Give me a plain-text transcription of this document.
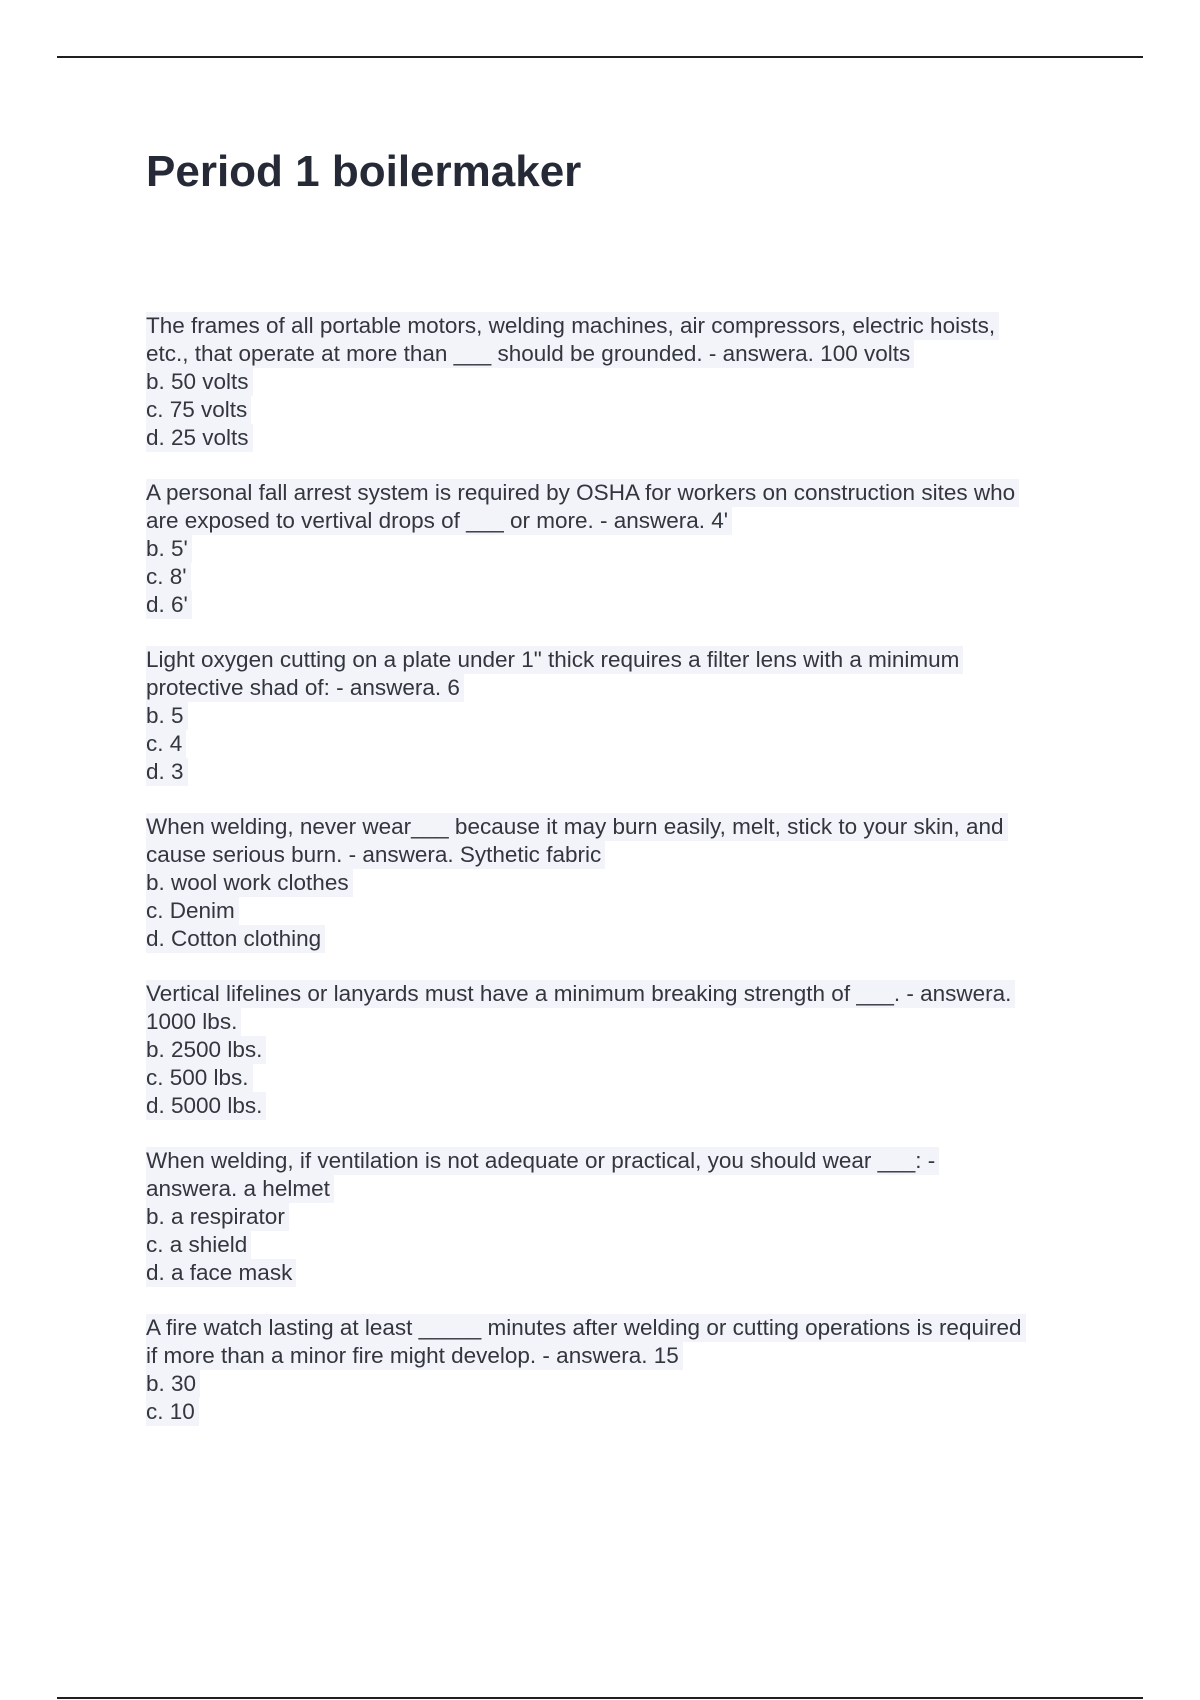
Period 1 boilermaker
The frames of all portable motors, welding machines, air compressors, electric hoists,
etc., that operate at more than ___ should be grounded. - answera. 100 volts
b. 50 volts
c. 75 volts
d. 25 volts
A personal fall arrest system is required by OSHA for workers on construction sites who
are exposed to vertival drops of ___ or more. - answera. 4'
b. 5'
c. 8'
d. 6'
Light oxygen cutting on a plate under 1" thick requires a filter lens with a minimum
protective shad of: - answera. 6
b. 5
c. 4
d. 3
When welding, never wear___ because it may burn easily, melt, stick to your skin, and
cause serious burn. - answera. Sythetic fabric
b. wool work clothes
c. Denim
d. Cotton clothing
Vertical lifelines or lanyards must have a minimum breaking strength of ___. - answera.
1000 lbs.
b. 2500 lbs.
c. 500 lbs.
d. 5000 lbs.
When welding, if ventilation is not adequate or practical, you should wear ___: -
answera. a helmet
b. a respirator
c. a shield
d. a face mask
A fire watch lasting at least _____ minutes after welding or cutting operations is required
if more than a minor fire might develop. - answera. 15
b. 30
c. 10
